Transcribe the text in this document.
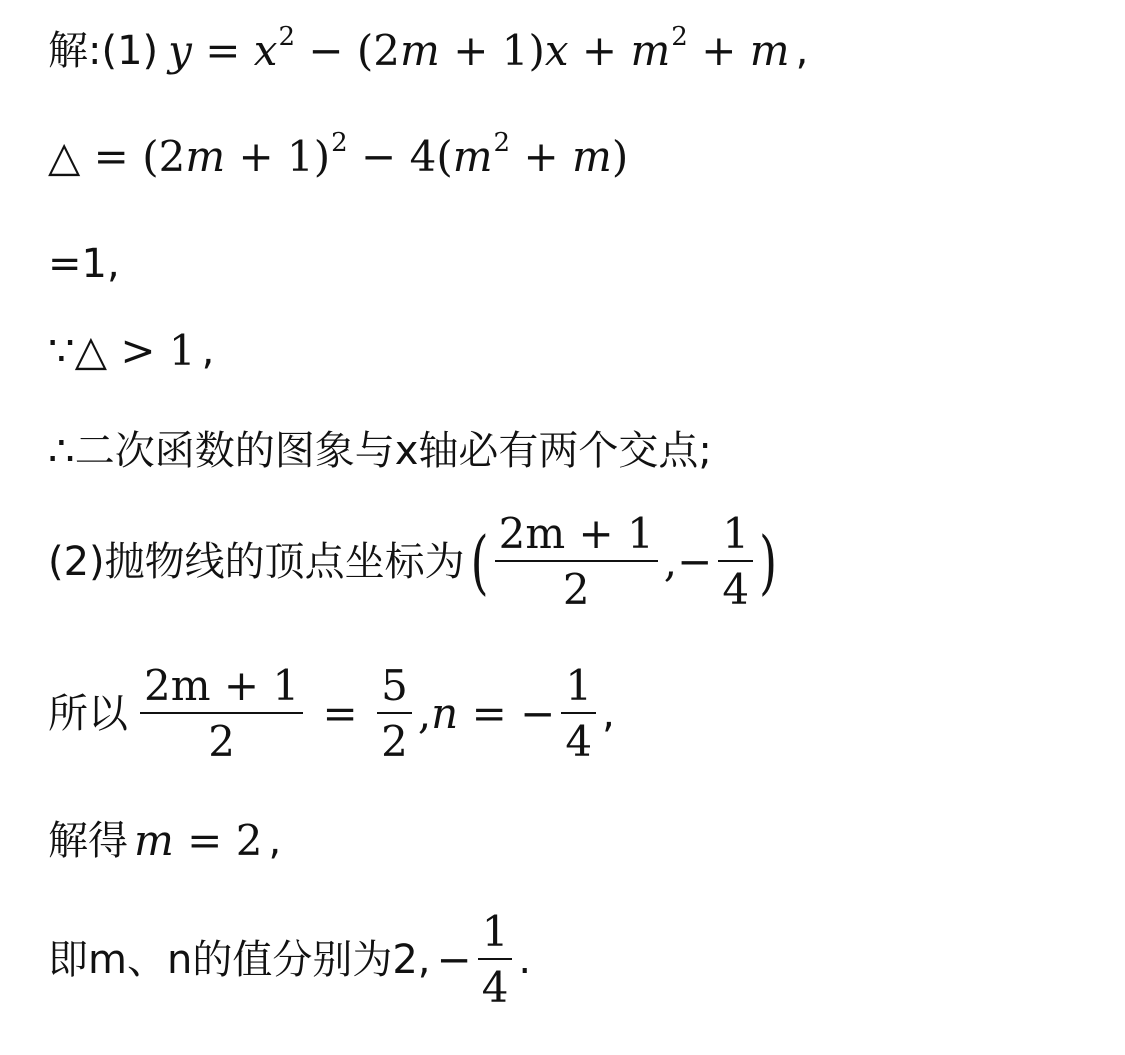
解:(1) $y = x^2 - (2m + 1)x + m^2 + m$ ,
△ = $(2m + 1)^2 - 4(m^2 + m)$
=1,
∵△ > 1 ,
∴ 二次函数的图象与x轴必有两个交点;
(2)抛物线的顶点坐标为 ( $\frac{2m + 1}{2}$ ,− $\frac{1}{4}$ )
所以 $\frac{2m + 1}{2} = \frac{5}{2}$ , n = − $\frac{1}{4}$ ,
解得 m = 2 ,
即m、n的值分别为2, − $\frac{1}{4}$ .
